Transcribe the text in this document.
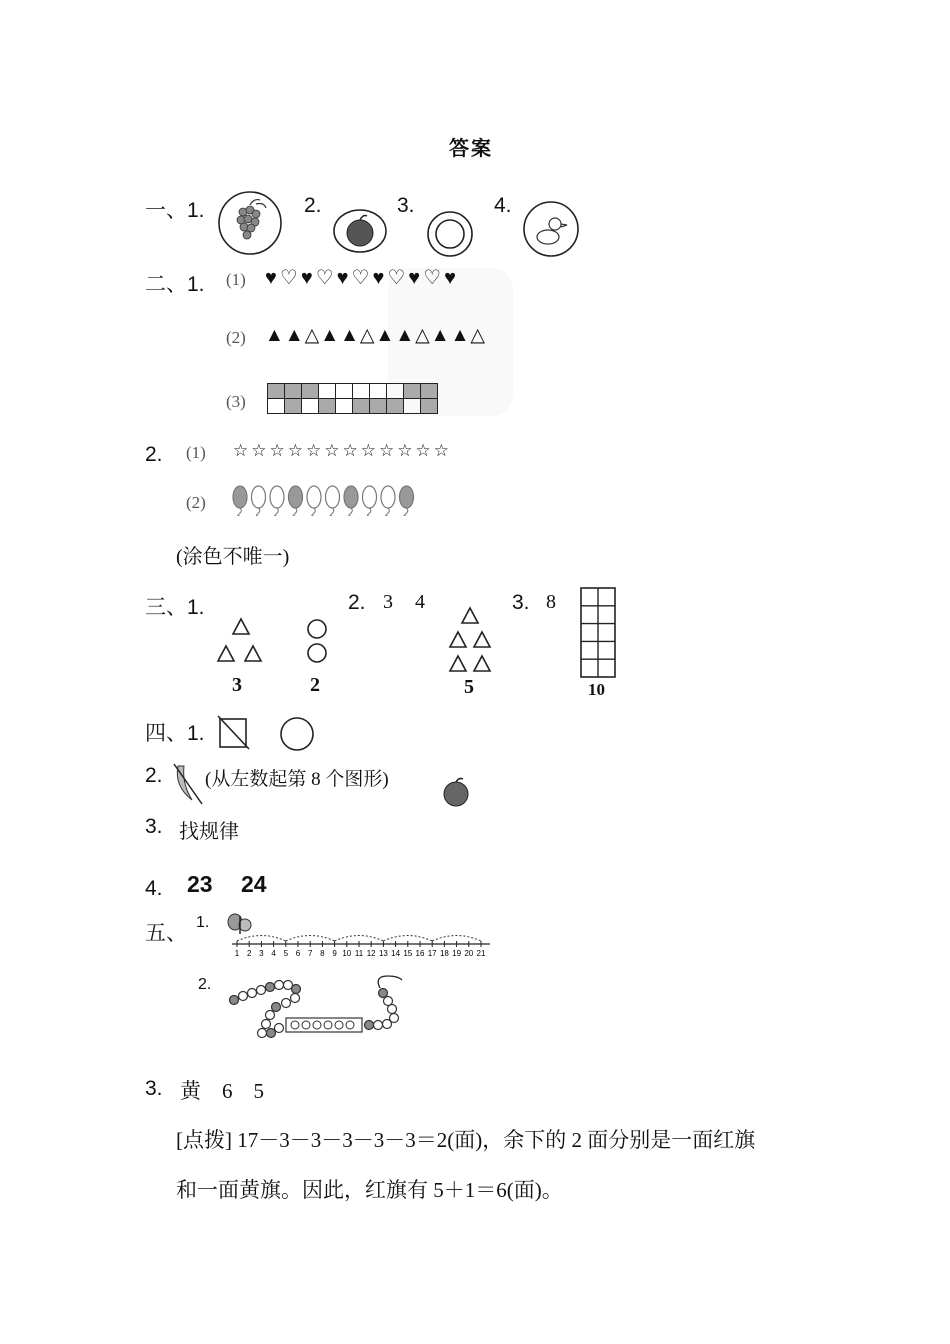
答案
一、1.	2.	3.	4.
二、1. (1) ♥♡♥♡♥♡♥♡♥♡♥
(2) ▲▲△▲▲△▲▲△▲▲△
(3)

2. (1) ☆☆☆☆☆☆☆☆☆☆☆☆
(2)
(涂色不唯一)
三、1.
3	2
2. 3 4
5
3. 8
10
四、1.
2. (从左数起第 8 个图形)
3. 找规律
4. 23 24
五、 1.
1 2 3 4 5 6 7 8 9 10 11 12 13 14 15 16 17 18 19 20 21
2.
3. 黄　6　5
[点拨] 17－3－3－3－3－3＝2(面)，余下的 2 面分别是一面红旗
和一面黄旗。因此，红旗有 5＋1＝6(面)。
